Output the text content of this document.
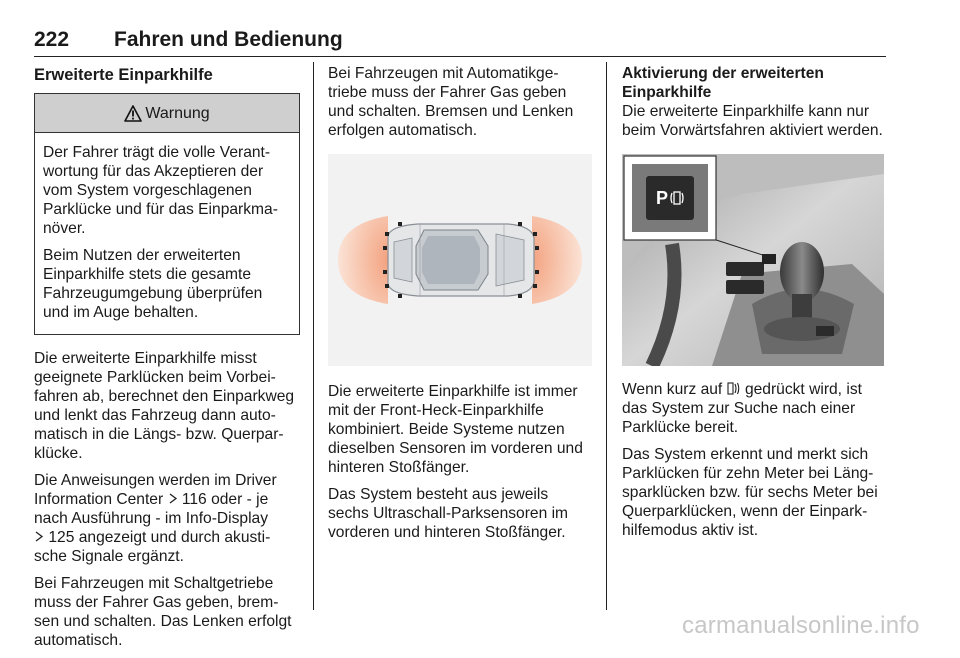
222 Fahren und Bedienung
Erweiterte Einparkhilfe
Warnung

Der Fahrer trägt die volle Verant-wortung für das Akzeptieren der vom System vorgeschlagenen Parklücke und für das Einparkma-növer.

Beim Nutzen der erweiterten Einparkhilfe stets die gesamte Fahrzeugumgebung überprüfen und im Auge behalten.

Die erweiterte Einparkhilfe misst geeignete Parklücken beim Vorbei-fahren ab, berechnet den Einparkweg und lenkt das Fahrzeug dann auto-matisch in die Längs- bzw. Querpar-klücke.

Die Anweisungen werden im Driver Information Center 116 oder - je nach Ausführung - im Info-Display
125 angezeigt und durch akusti-sche Signale ergänzt.

Bei Fahrzeugen mit Schaltgetriebe muss der Fahrer Gas geben, brem-sen und schalten. Das Lenken erfolgt automatisch.

Bei Fahrzeugen mit Automatikge-triebe muss der Fahrer Gas geben und schalten. Bremsen und Lenken erfolgen automatisch.

Die erweiterte Einparkhilfe ist immer mit der Front-Heck-Einparkhilfe kombiniert. Beide Systeme nutzen dieselben Sensoren im vorderen und hinteren Stoßfänger.

Das System besteht aus jeweils sechs Ultraschall-Parksensoren im vorderen und hinteren Stoßfänger.

Aktivierung der erweiterten Einparkhilfe

Die erweiterte Einparkhilfe kann nur beim Vorwärtsfahren aktiviert werden.

P

Wenn kurz auf gedrückt wird, ist das System zur Suche nach einer Parklücke bereit.

Das System erkennt und merkt sich Parklücken für zehn Meter bei Läng-sparklücken bzw. für sechs Meter bei Querparklücken, wenn der Einpark-hilfemodus aktiv ist.

carmanualsonline.info
